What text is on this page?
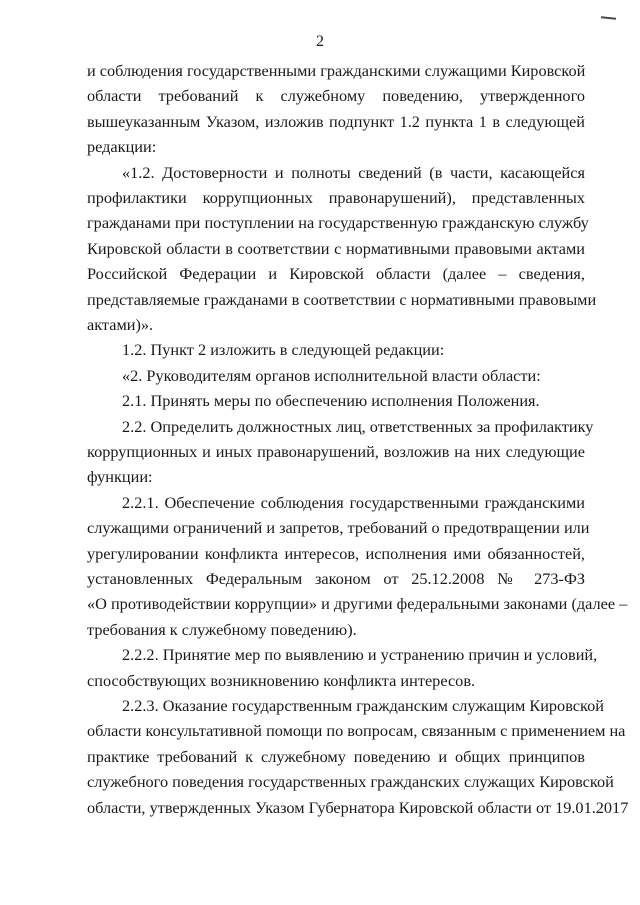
2
и соблюдения государственными гражданскими служащими Кировской
области требований к служебному поведению, утвержденного
вышеуказанным Указом, изложив подпункт 1.2 пункта 1 в следующей
редакции:
«1.2. Достоверности и полноты сведений (в части, касающейся
профилактики коррупционных правонарушений), представленных
гражданами при поступлении на государственную гражданскую службу
Кировской области в соответствии с нормативными правовыми актами
Российской Федерации и Кировской области (далее – сведения,
представляемые гражданами в соответствии с нормативными правовыми
актами)».
1.2. Пункт 2 изложить в следующей редакции:
«2. Руководителям органов исполнительной власти области:
2.1. Принять меры по обеспечению исполнения Положения.
2.2. Определить должностных лиц, ответственных за профилактику
коррупционных и иных правонарушений, возложив на них следующие
функции:
2.2.1. Обеспечение соблюдения государственными гражданскими
служащими ограничений и запретов, требований о предотвращении или
урегулировании конфликта интересов, исполнения ими обязанностей,
установленных Федеральным законом от 25.12.2008 № 273-ФЗ
«О противодействии коррупции» и другими федеральными законами (далее –
требования к служебному поведению).
2.2.2. Принятие мер по выявлению и устранению причин и условий,
способствующих возникновению конфликта интересов.
2.2.3. Оказание государственным гражданским служащим Кировской
области консультативной помощи по вопросам, связанным с применением на
практике требований к служебному поведению и общих принципов
служебного поведения государственных гражданских служащих Кировской
области, утвержденных Указом Губернатора Кировской области от 19.01.2017
